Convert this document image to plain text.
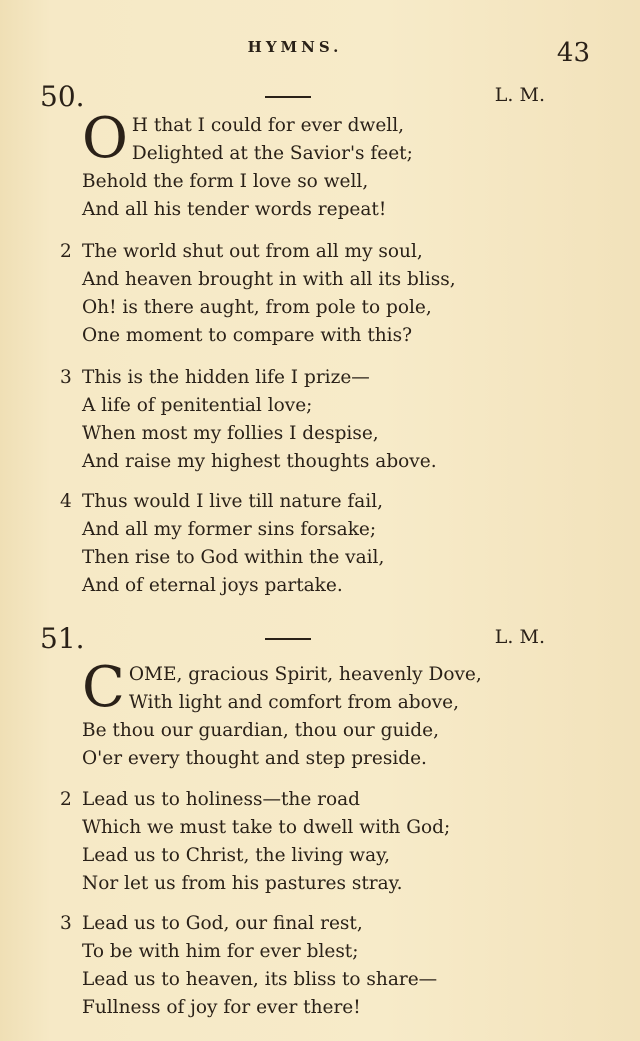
HYMNS.	43
50.	L. M.
O H that I could for ever dwell,
Delighted at the Savior's feet;
Behold the form I love so well,
And all his tender words repeat!
2 The world shut out from all my soul,
And heaven brought in with all its bliss,
Oh! is there aught, from pole to pole,
One moment to compare with this?
3 This is the hidden life I prize—
A life of penitential love;
When most my follies I despise,
And raise my highest thoughts above.
4 Thus would I live till nature fail,
And all my former sins forsake;
Then rise to God within the vail,
And of eternal joys partake.
51.	L. M.
C OME, gracious Spirit, heavenly Dove,
With light and comfort from above,
Be thou our guardian, thou our guide,
O'er every thought and step preside.
2 Lead us to holiness—the road
Which we must take to dwell with God;
Lead us to Christ, the living way,
Nor let us from his pastures stray.
3 Lead us to God, our final rest,
To be with him for ever blest;
Lead us to heaven, its bliss to share—
Fullness of joy for ever there!
